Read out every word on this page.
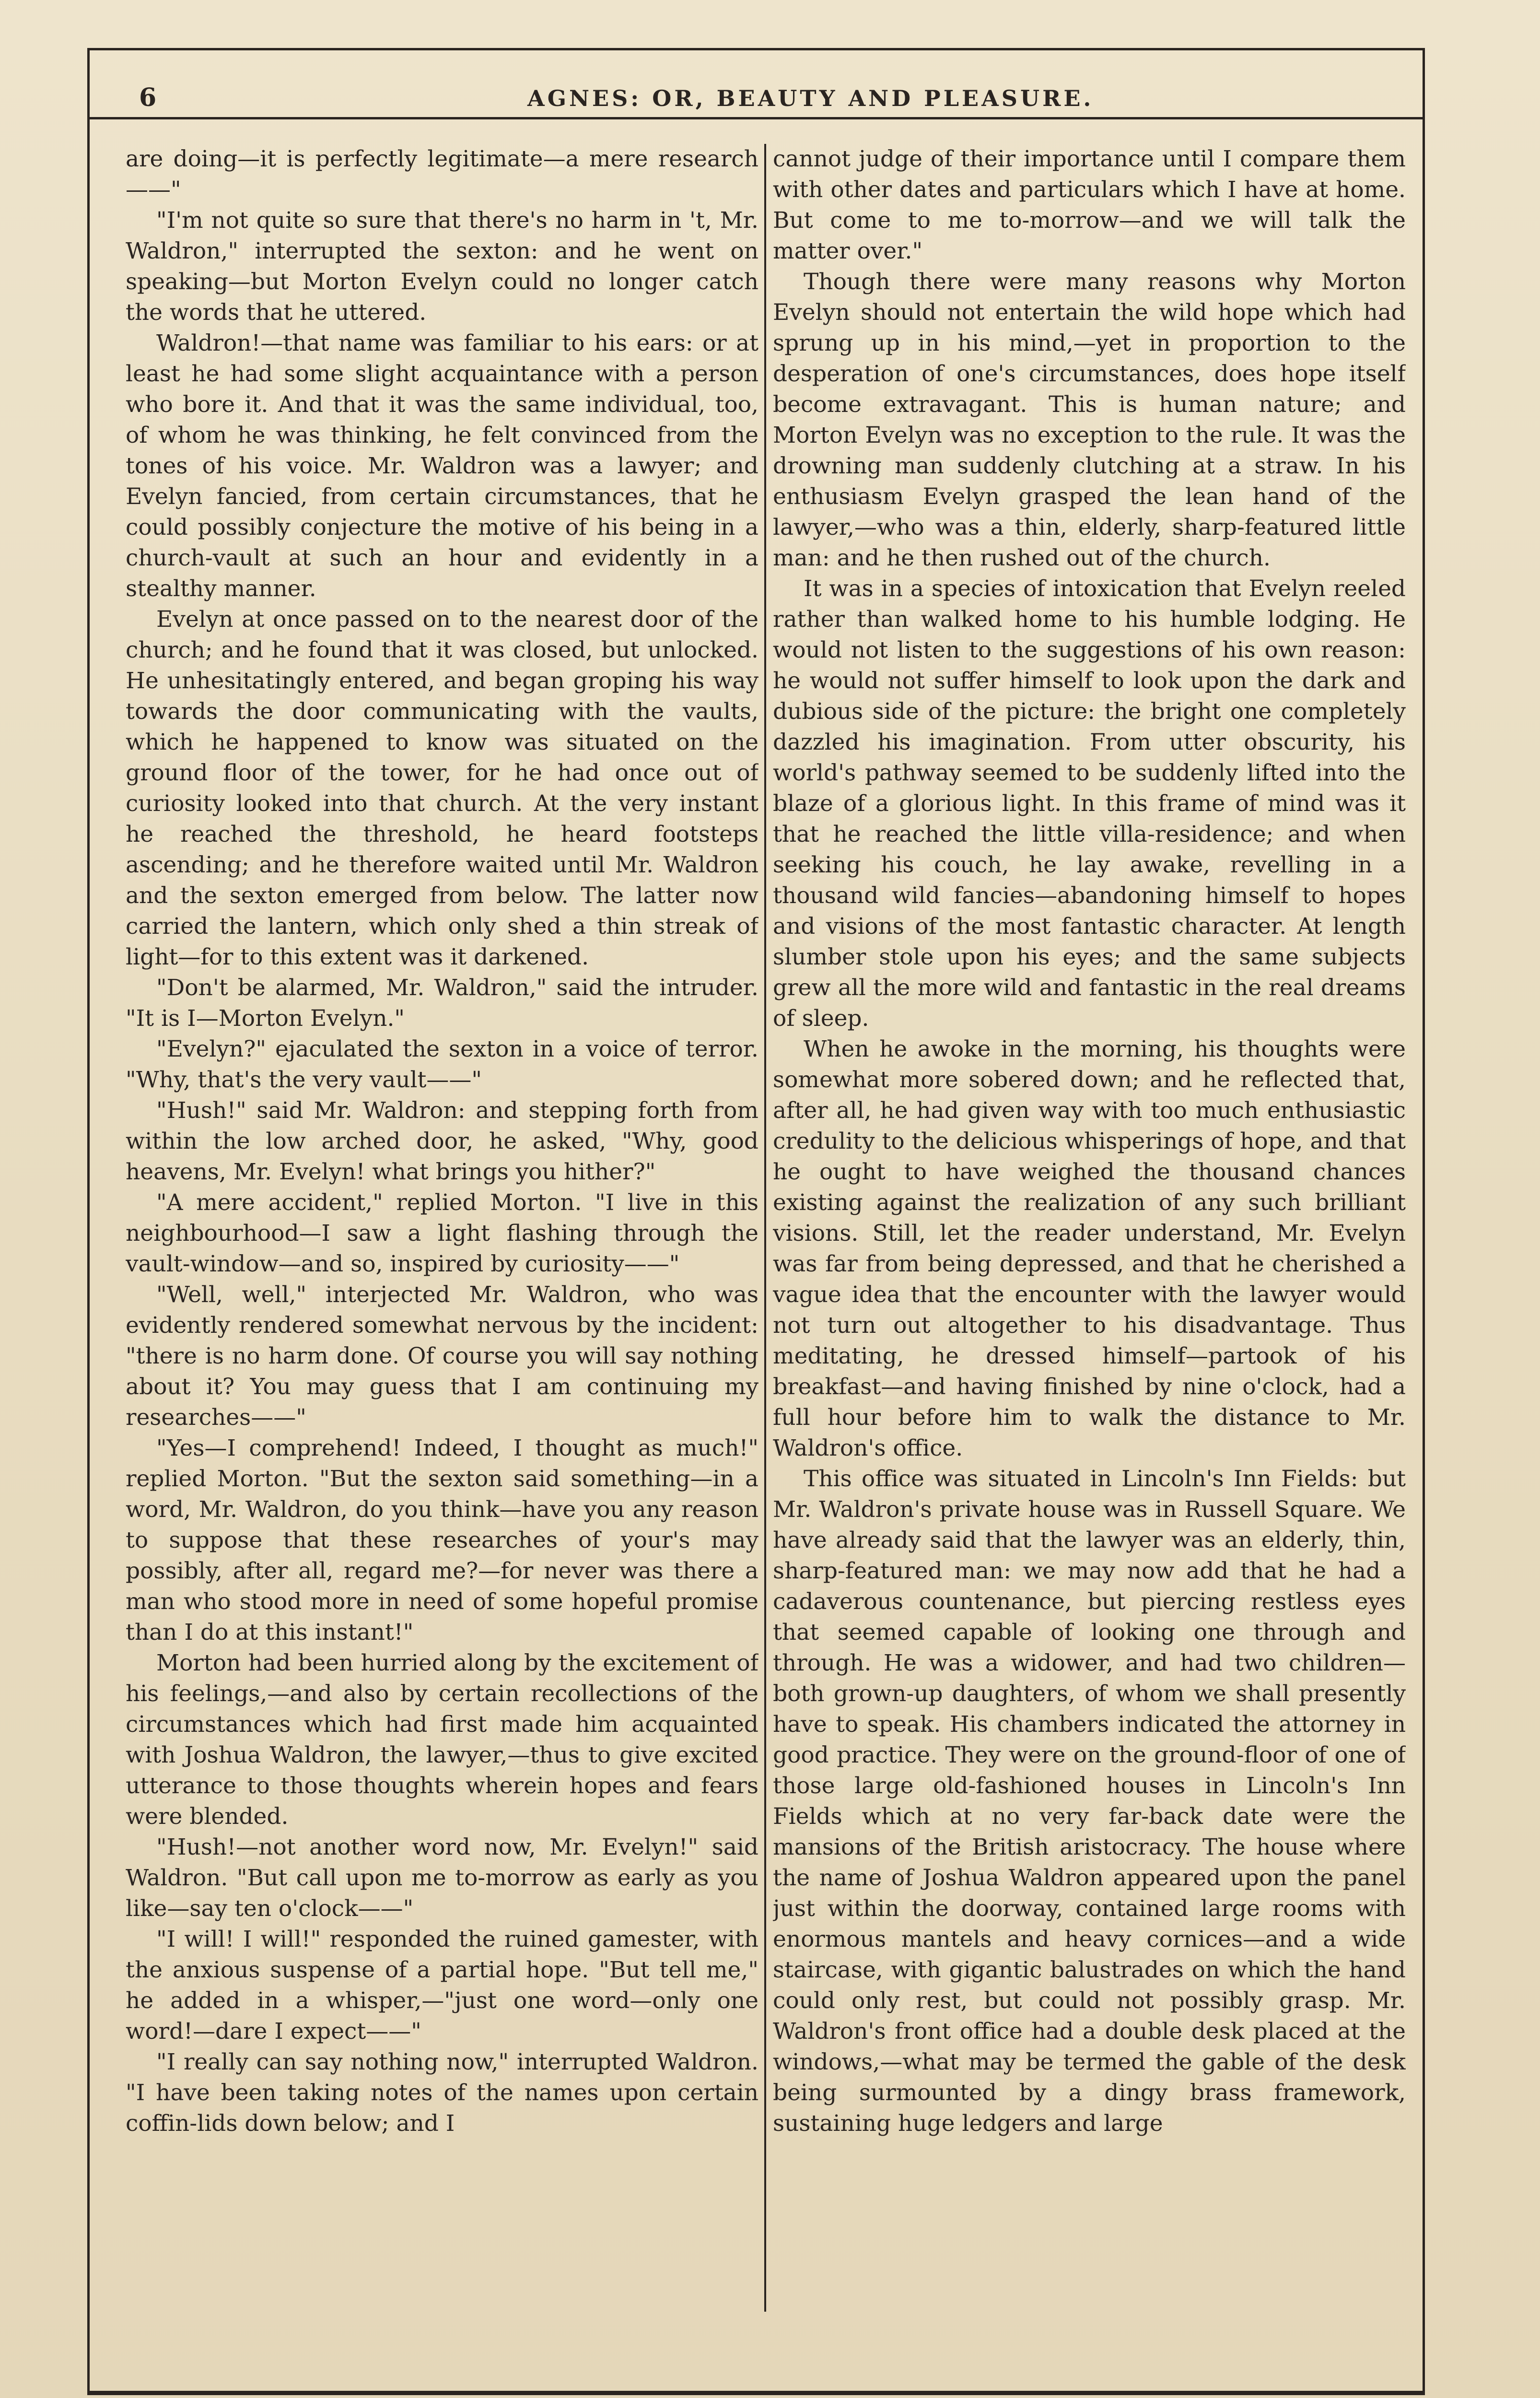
6	AGNES: OR, BEAUTY AND PLEASURE.

are doing—it is perfectly legitimate—a mere research——"

"I'm not quite so sure that there's no harm in 't, Mr. Waldron," interrupted the sexton: and he went on speaking—but Morton Evelyn could no longer catch the words that he uttered.

Waldron!—that name was familiar to his ears: or at least he had some slight acquaintance with a person who bore it. And that it was the same individual, too, of whom he was thinking, he felt convinced from the tones of his voice. Mr. Waldron was a lawyer; and Evelyn fancied, from certain circumstances, that he could possibly conjecture the motive of his being in a church-vault at such an hour and evidently in a stealthy manner.

Evelyn at once passed on to the nearest door of the church; and he found that it was closed, but unlocked. He unhesitatingly entered, and began groping his way towards the door communicating with the vaults, which he happened to know was situated on the ground floor of the tower, for he had once out of curiosity looked into that church. At the very instant he reached the threshold, he heard footsteps ascending; and he therefore waited until Mr. Waldron and the sexton emerged from below. The latter now carried the lantern, which only shed a thin streak of light—for to this extent was it darkened.

"Don't be alarmed, Mr. Waldron," said the intruder. "It is I—Morton Evelyn."

"Evelyn?" ejaculated the sexton in a voice of terror. "Why, that's the very vault——"

"Hush!" said Mr. Waldron: and stepping forth from within the low arched door, he asked, "Why, good heavens, Mr. Evelyn! what brings you hither?"

"A mere accident," replied Morton. "I live in this neighbourhood—I saw a light flashing through the vault-window—and so, inspired by curiosity——"

"Well, well," interjected Mr. Waldron, who was evidently rendered somewhat nervous by the incident: "there is no harm done. Of course you will say nothing about it? You may guess that I am continuing my researches——"

"Yes—I comprehend! Indeed, I thought as much!" replied Morton. "But the sexton said something—in a word, Mr. Waldron, do you think—have you any reason to suppose that these researches of your's may possibly, after all, regard me?—for never was there a man who stood more in need of some hopeful promise than I do at this instant!"

Morton had been hurried along by the excitement of his feelings,—and also by certain recollections of the circumstances which had first made him acquainted with Joshua Waldron, the lawyer,—thus to give excited utterance to those thoughts wherein hopes and fears were blended.

"Hush!—not another word now, Mr. Evelyn!" said Waldron. "But call upon me to-morrow as early as you like—say ten o'clock——"

"I will! I will!" responded the ruined gamester, with the anxious suspense of a partial hope. "But tell me," he added in a whisper,—"just one word—only one word!—dare I expect——"

"I really can say nothing now," interrupted Waldron. "I have been taking notes of the names upon certain coffin-lids down below; and I

cannot judge of their importance until I compare them with other dates and particulars which I have at home. But come to me to-morrow—and we will talk the matter over."

Though there were many reasons why Morton Evelyn should not entertain the wild hope which had sprung up in his mind,—yet in proportion to the desperation of one's circumstances, does hope itself become extravagant. This is human nature; and Morton Evelyn was no exception to the rule. It was the drowning man suddenly clutching at a straw. In his enthusiasm Evelyn grasped the lean hand of the lawyer,—who was a thin, elderly, sharp-featured little man: and he then rushed out of the church.

It was in a species of intoxication that Evelyn reeled rather than walked home to his humble lodging. He would not listen to the suggestions of his own reason: he would not suffer himself to look upon the dark and dubious side of the picture: the bright one completely dazzled his imagination. From utter obscurity, his world's pathway seemed to be suddenly lifted into the blaze of a glorious light. In this frame of mind was it that he reached the little villa-residence; and when seeking his couch, he lay awake, revelling in a thousand wild fancies—abandoning himself to hopes and visions of the most fantastic character. At length slumber stole upon his eyes; and the same subjects grew all the more wild and fantastic in the real dreams of sleep.

When he awoke in the morning, his thoughts were somewhat more sobered down; and he reflected that, after all, he had given way with too much enthusiastic credulity to the delicious whisperings of hope, and that he ought to have weighed the thousand chances existing against the realization of any such brilliant visions. Still, let the reader understand, Mr. Evelyn was far from being depressed, and that he cherished a vague idea that the encounter with the lawyer would not turn out altogether to his disadvantage. Thus meditating, he dressed himself—partook of his breakfast—and having finished by nine o'clock, had a full hour before him to walk the distance to Mr. Waldron's office.

This office was situated in Lincoln's Inn Fields: but Mr. Waldron's private house was in Russell Square. We have already said that the lawyer was an elderly, thin, sharp-featured man: we may now add that he had a cadaverous countenance, but piercing restless eyes that seemed capable of looking one through and through. He was a widower, and had two children—both grown-up daughters, of whom we shall presently have to speak. His chambers indicated the attorney in good practice. They were on the ground-floor of one of those large old-fashioned houses in Lincoln's Inn Fields which at no very far-back date were the mansions of the British aristocracy. The house where the name of Joshua Waldron appeared upon the panel just within the doorway, contained large rooms with enormous mantels and heavy cornices—and a wide staircase, with gigantic balustrades on which the hand could only rest, but could not possibly grasp. Mr. Waldron's front office had a double desk placed at the windows,—what may be termed the gable of the desk being surmounted by a dingy brass framework, sustaining huge ledgers and large
